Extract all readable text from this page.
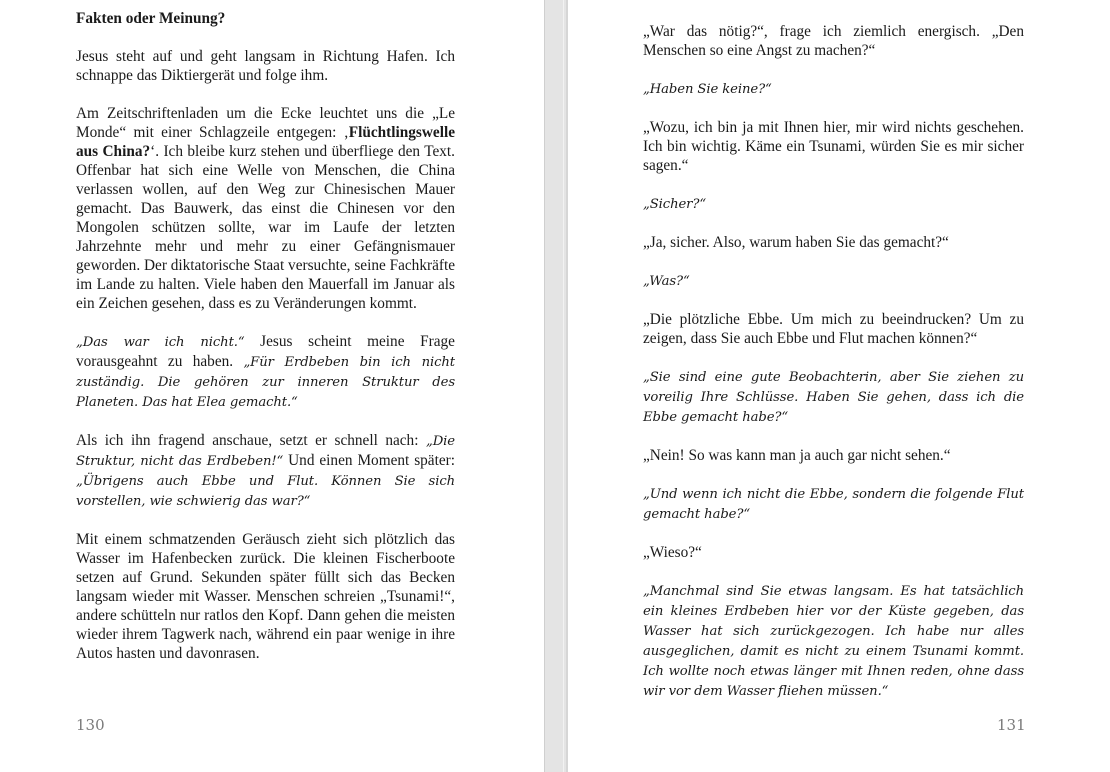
Fakten oder Meinung?

Jesus steht auf und geht langsam in Richtung Hafen. Ich schnappe das Diktiergerät und folge ihm.

Am Zeitschriftenladen um die Ecke leuchtet uns die „Le Monde“ mit einer Schlagzeile entgegen: ‚Flüchtlingswelle aus China?‘. Ich bleibe kurz stehen und überfliege den Text. Offenbar hat sich eine Welle von Menschen, die China verlassen wollen, auf den Weg zur Chinesischen Mauer gemacht. Das Bauwerk, das einst die Chinesen vor den Mongolen schützen sollte, war im Laufe der letzten Jahrzehnte mehr und mehr zu einer Gefängnismauer geworden. Der diktatorische Staat versuchte, seine Fachkräfte im Lande zu halten. Viele haben den Mauerfall im Januar als ein Zeichen gesehen, dass es zu Veränderungen kommt.

„Das war ich nicht.“ Jesus scheint meine Frage vorausgeahnt zu haben. „Für Erdbeben bin ich nicht zuständig. Die gehören zur inneren Struktur des Planeten. Das hat Elea gemacht.“

Als ich ihn fragend anschaue, setzt er schnell nach: „Die Struktur, nicht das Erdbeben!“ Und einen Moment später: „Übrigens auch Ebbe und Flut. Können Sie sich vorstellen, wie schwierig das war?“

Mit einem schmatzenden Geräusch zieht sich plötzlich das Wasser im Hafenbecken zurück. Die kleinen Fischerboote setzen auf Grund. Sekunden später füllt sich das Becken langsam wieder mit Wasser. Menschen schreien „Tsunami!“, andere schütteln nur ratlos den Kopf. Dann gehen die meisten wieder ihrem Tagwerk nach, während ein paar wenige in ihre Autos hasten und davonrasen.

130

„War das nötig?“, frage ich ziemlich energisch. „Den Menschen so eine Angst zu machen?“

„Haben Sie keine?“

„Wozu, ich bin ja mit Ihnen hier, mir wird nichts geschehen. Ich bin wichtig. Käme ein Tsunami, würden Sie es mir sicher sagen.“

„Sicher?“

„Ja, sicher. Also, warum haben Sie das gemacht?“

„Was?“

„Die plötzliche Ebbe. Um mich zu beeindrucken? Um zu zeigen, dass Sie auch Ebbe und Flut machen können?“

„Sie sind eine gute Beobachterin, aber Sie ziehen zu voreilig Ihre Schlüsse. Haben Sie gehen, dass ich die Ebbe gemacht habe?“

„Nein! So was kann man ja auch gar nicht sehen.“

„Und wenn ich nicht die Ebbe, sondern die folgende Flut gemacht habe?“

„Wieso?“

„Manchmal sind Sie etwas langsam. Es hat tatsächlich ein kleines Erdbeben hier vor der Küste gegeben, das Wasser hat sich zurückgezogen. Ich habe nur alles ausgeglichen, damit es nicht zu einem Tsunami kommt. Ich wollte noch etwas länger mit Ihnen reden, ohne dass wir vor dem Wasser fliehen müssen.“

131
